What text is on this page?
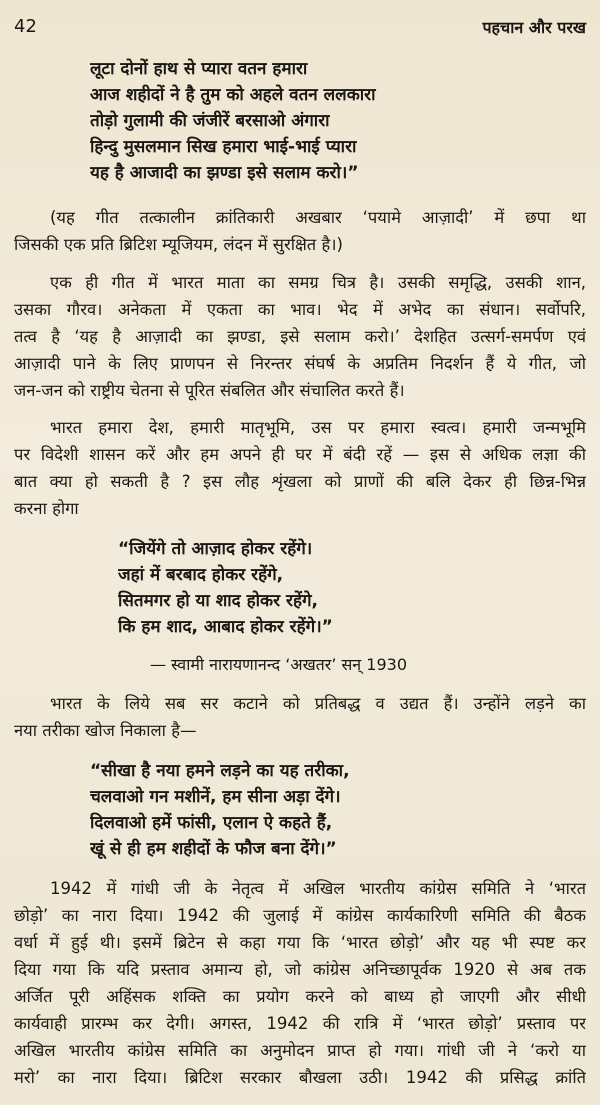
42	पहचान और परख
लूटा दोनों हाथ से प्यारा वतन हमारा
आज शहीदों ने है तुम को अहले वतन ललकारा
तोड़ो गुलामी की जंजीरें बरसाओ अंगारा
हिन्दु मुसलमान सिख हमारा भाई-भाई प्यारा
यह है आजादी का झण्डा इसे सलाम करो।”
(यह गीत तत्कालीन क्रांतिकारी अखबार ‘पयामे आज़ादी’ में छपा था
जिसकी एक प्रति ब्रिटिश म्यूजियम, लंदन में सुरक्षित है।)
एक ही गीत में भारत माता का समग्र चित्र है। उसकी समृद्धि, उसकी शान,
उसका गौरव। अनेकता में एकता का भाव। भेद में अभेद का संधान। सर्वोपरि,
तत्व है ‘यह है आज़ादी का झण्डा, इसे सलाम करो।’ देशहित उत्सर्ग-समर्पण एवं
आज़ादी पाने के लिए प्राणपन से निरन्तर संघर्ष के अप्रतिम निदर्शन हैं ये गीत, जो
जन-जन को राष्ट्रीय चेतना से पूरित संबलित और संचालित करते हैं।
भारत हमारा देश, हमारी मातृभूमि, उस पर हमारा स्वत्व। हमारी जन्मभूमि
पर विदेशी शासन करें और हम अपने ही घर में बंदी रहें — इस से अधिक लज्ञा की
बात क्या हो सकती है ? इस लौह शृंखला को प्राणों की बलि देकर ही छिन्न-भिन्न
करना होगा
“जियेंगे तो आज़ाद होकर रहेंगे।
जहां में बरबाद होकर रहेंगे,
सितमगर हो या शाद होकर रहेंगे,
कि हम शाद, आबाद होकर रहेंगे।”
— स्वामी नारायणानन्द ‘अखतर’ सन् 1930
भारत के लिये सब सर कटाने को प्रतिबद्ध व उद्यत हैं। उन्होंने लड़ने का
नया तरीका खोज निकाला है—
“सीखा है नया हमने लड़ने का यह तरीका,
चलवाओ गन मशीनें, हम सीना अड़ा देंगे।
दिलवाओ हमें फांसी, एलान ऐ कहते हैं,
खूं से ही हम शहीदों के फौज बना देंगे।”
1942 में गांधी जी के नेतृत्व में अखिल भारतीय कांग्रेस समिति ने ‘भारत
छोड़ो’ का नारा दिया। 1942 की जुलाई में कांग्रेस कार्यकारिणी समिति की बैठक
वर्धा में हुई थी। इसमें ब्रिटेन से कहा गया कि ‘भारत छोड़ो’ और यह भी स्पष्ट कर
दिया गया कि यदि प्रस्ताव अमान्य हो, जो कांग्रेस अनिच्छापूर्वक 1920 से अब तक
अर्जित पूरी अहिंसक शक्ति का प्रयोग करने को बाध्य हो जाएगी और सीधी
कार्यवाही प्रारम्भ कर देगी। अगस्त, 1942 की रात्रि में ‘भारत छोड़ो’ प्रस्ताव पर
अखिल भारतीय कांग्रेस समिति का अनुमोदन प्राप्त हो गया। गांधी जी ने ‘करो या
मरो’ का नारा दिया। ब्रिटिश सरकार बौखला उठी। 1942 की प्रसिद्ध क्रांति
